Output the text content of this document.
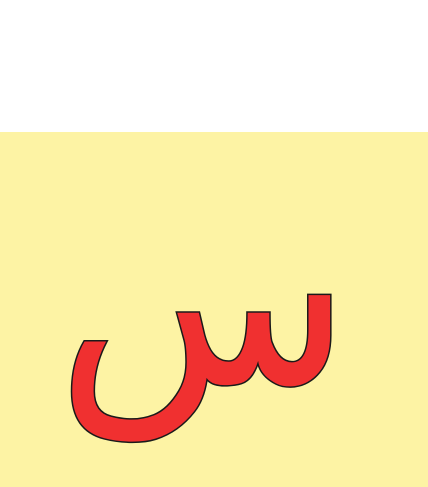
س
